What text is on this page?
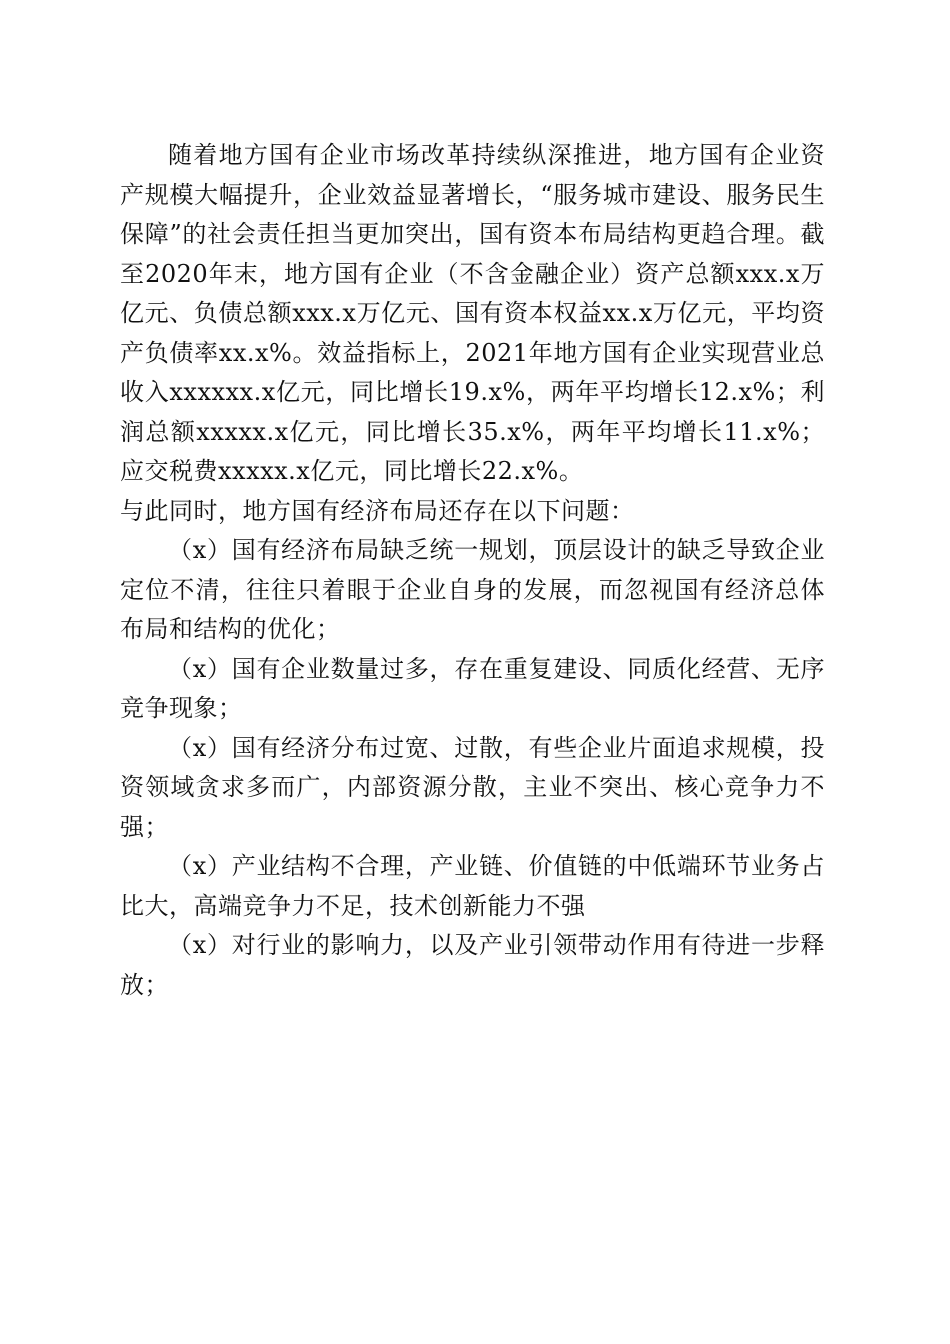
随着地方国有企业市场改革持续纵深推进，地方国有企业资产规模大幅提升，企业效益显著增长，“服务城市建设、服务民生保障”的社会责任担当更加突出，国有资本布局结构更趋合理。截至2020年末，地方国有企业（不含金融企业）资产总额xxx.x万亿元、负债总额xxx.x万亿元、国有资本权益xx.x万亿元，平均资产负债率xx.x%。效益指标上，2021年地方国有企业实现营业总收入xxxxxx.x亿元，同比增长19.x%，两年平均增长12.x%；利润总额xxxxx.x亿元，同比增长35.x%，两年平均增长11.x%；应交税费xxxxx.x亿元，同比增长22.x%。

与此同时，地方国有经济布局还存在以下问题：

（x）国有经济布局缺乏统一规划，顶层设计的缺乏导致企业定位不清，往往只着眼于企业自身的发展，而忽视国有经济总体布局和结构的优化；

（x）国有企业数量过多，存在重复建设、同质化经营、无序竞争现象；

（x）国有经济分布过宽、过散，有些企业片面追求规模，投资领域贪求多而广，内部资源分散，主业不突出、核心竞争力不强；

（x）产业结构不合理，产业链、价值链的中低端环节业务占比大，高端竞争力不足，技术创新能力不强

（x）对行业的影响力，以及产业引领带动作用有待进一步释放；
